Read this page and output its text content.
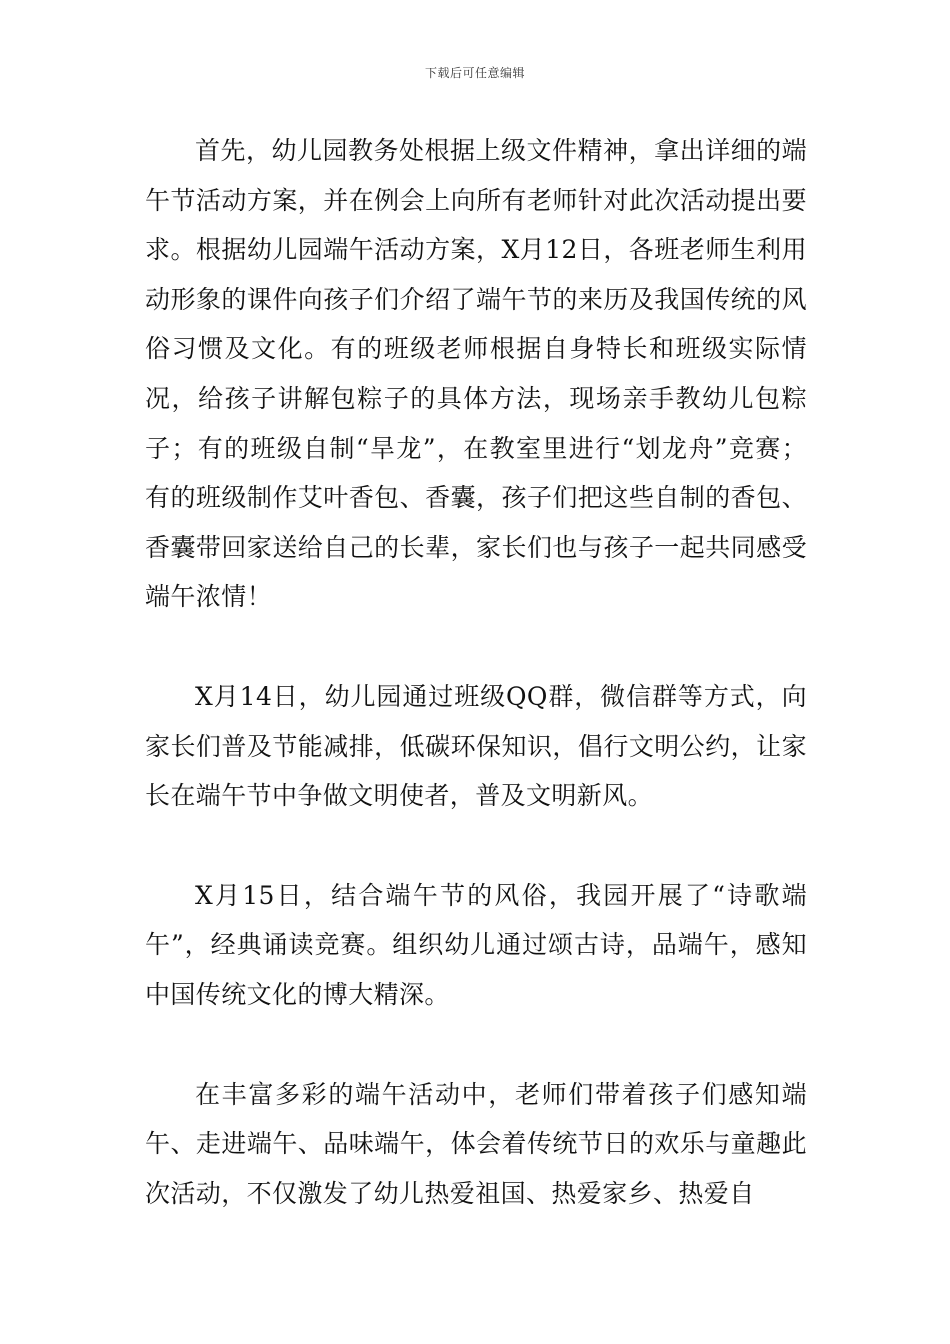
下载后可任意编辑

首先，幼儿园教务处根据上级文件精神，拿出详细的端午节活动方案，并在例会上向所有老师针对此次活动提出要求。根据幼儿园端午活动方案，X月12日，各班老师生利用动形象的课件向孩子们介绍了端午节的来历及我国传统的风俗习惯及文化。有的班级老师根据自身特长和班级实际情况，给孩子讲解包粽子的具体方法，现场亲手教幼儿包粽子；有的班级自制“旱龙”，在教室里进行“划龙舟”竞赛；有的班级制作艾叶香包、香囊，孩子们把这些自制的香包、香囊带回家送给自己的长辈，家长们也与孩子一起共同感受端午浓情！

X月14日，幼儿园通过班级QQ群，微信群等方式，向家长们普及节能减排，低碳环保知识，倡行文明公约，让家长在端午节中争做文明使者，普及文明新风。

X月15日，结合端午节的风俗，我园开展了“诗歌端午”，经典诵读竞赛。组织幼儿通过颂古诗，品端午，感知中国传统文化的博大精深。

在丰富多彩的端午活动中，老师们带着孩子们感知端午、走进端午、品味端午，体会着传统节日的欢乐与童趣此次活动，不仅激发了幼儿热爱祖国、热爱家乡、热爱自
